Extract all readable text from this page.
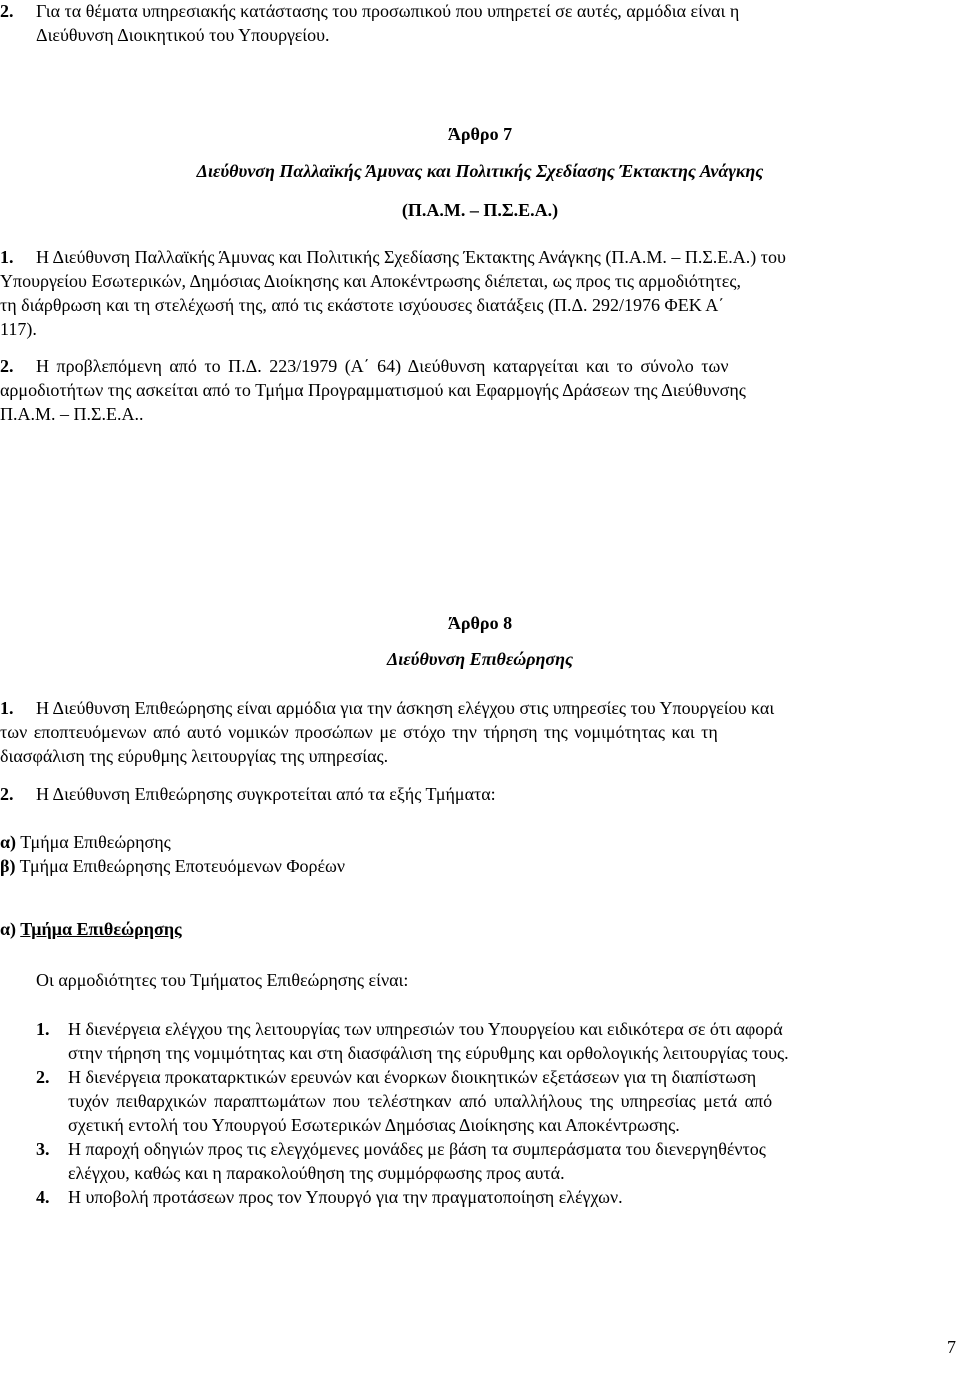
2. Για τα θέματα υπηρεσιακής κατάστασης του προσωπικού που υπηρετεί σε αυτές, αρμόδια είναι η
Διεύθυνση Διοικητικού του Υπουργείου.
Άρθρο 7
Διεύθυνση Παλλαϊκής Άμυνας και Πολιτικής Σχεδίασης Έκτακτης Ανάγκης
(Π.Α.Μ. – Π.Σ.Ε.Α.)
1. Η Διεύθυνση Παλλαϊκής Άμυνας και Πολιτικής Σχεδίασης Έκτακτης Ανάγκης (Π.Α.Μ. – Π.Σ.Ε.Α.) του
Υπουργείου Εσωτερικών, Δημόσιας Διοίκησης και Αποκέντρωσης διέπεται, ως προς τις αρμοδιότητες,
τη διάρθρωση και τη στελέχωσή της, από τις εκάστοτε ισχύουσες διατάξεις (Π.Δ. 292/1976 ΦΕΚ Α΄
117).
2. Η προβλεπόμενη από το Π.Δ. 223/1979 (Α΄ 64) Διεύθυνση καταργείται και το σύνολο των
αρμοδιοτήτων της ασκείται από το Τμήμα Προγραμματισμού και Εφαρμογής Δράσεων της Διεύθυνσης
Π.Α.Μ. – Π.Σ.Ε.Α..
Άρθρο 8
Διεύθυνση Επιθεώρησης
1. Η Διεύθυνση Επιθεώρησης είναι αρμόδια για την άσκηση ελέγχου στις υπηρεσίες του Υπουργείου και
των εποπτευόμενων από αυτό νομικών προσώπων με στόχο την τήρηση της νομιμότητας και τη
διασφάλιση της εύρυθμης λειτουργίας της υπηρεσίας.
2. Η Διεύθυνση Επιθεώρησης συγκροτείται από τα εξής Τμήματα:
α) Τμήμα Επιθεώρησης
β) Τμήμα Επιθεώρησης Εποτευόμενων Φορέων
α) Τμήμα Επιθεώρησης
Οι αρμοδιότητες του Τμήματος Επιθεώρησης είναι:
1. Η διενέργεια ελέγχου της λειτουργίας των υπηρεσιών του Υπουργείου και ειδικότερα σε ότι αφορά
στην τήρηση της νομιμότητας και στη διασφάλιση της εύρυθμης και ορθολογικής λειτουργίας τους.
2. Η διενέργεια προκαταρκτικών ερευνών και ένορκων διοικητικών εξετάσεων για τη διαπίστωση
τυχόν πειθαρχικών παραπτωμάτων που τελέστηκαν από υπαλλήλους της υπηρεσίας μετά από
σχετική εντολή του Υπουργού Εσωτερικών Δημόσιας Διοίκησης και Αποκέντρωσης.
3. Η παροχή οδηγιών προς τις ελεγχόμενες μονάδες με βάση τα συμπεράσματα του διενεργηθέντος
ελέγχου, καθώς και η παρακολούθηση της συμμόρφωσης προς αυτά.
4. Η υποβολή προτάσεων προς τον Υπουργό για την πραγματοποίηση ελέγχων.
7
